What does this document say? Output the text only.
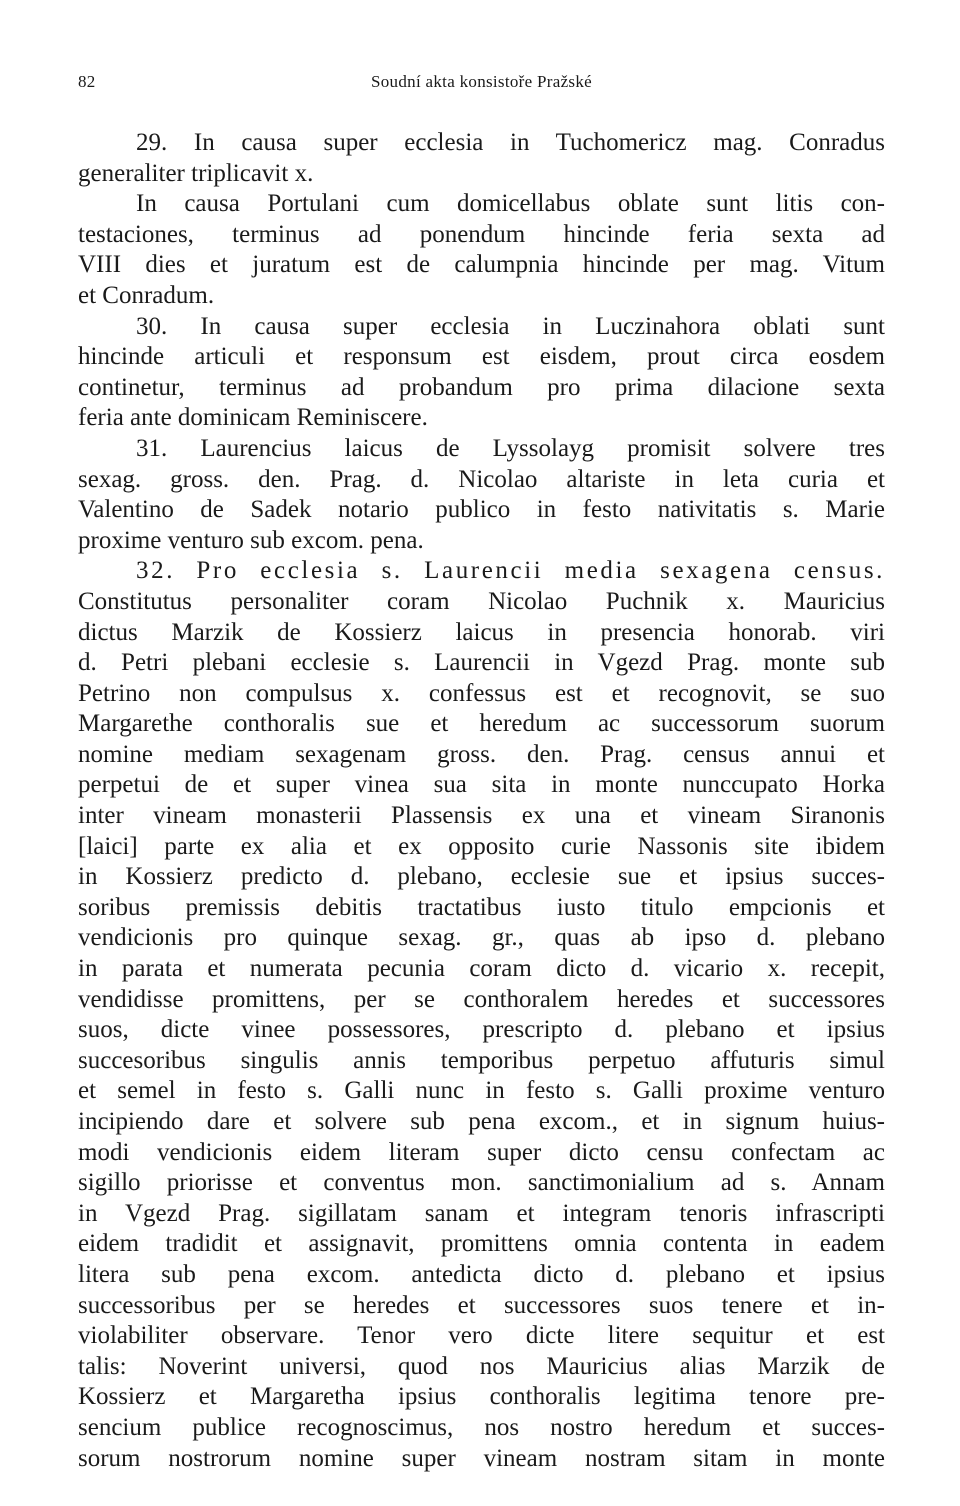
82	Soudní akta konsistoře Pražské
29. In causa super ecclesia in Tuchomericz mag. Conradus
generaliter triplicavit x.
In causa Portulani cum domicellabus oblate sunt litis con-
testaciones, terminus ad ponendum hincinde feria sexta ad
VIII dies et juratum est de calumpnia hincinde per mag. Vitum
et Conradum.
30. In causa super ecclesia in Luczinahora oblati sunt
hincinde articuli et responsum est eisdem, prout circa eosdem
continetur, terminus ad probandum pro prima dilacione sexta
feria ante dominicam Reminiscere.
31. Laurencius laicus de Lyssolayg promisit solvere tres
sexag. gross. den. Prag. d. Nicolao altariste in leta curia et
Valentino de Sadek notario publico in festo nativitatis s. Marie
proxime venturo sub excom. pena.
32. Pro ecclesia s. Laurencii media sexagena census.
Constitutus personaliter coram Nicolao Puchnik x. Mauricius
dictus Marzik de Kossierz laicus in presencia honorab. viri
d. Petri plebani ecclesie s. Laurencii in Vgezd Prag. monte sub
Petrino non compulsus x. confessus est et recognovit, se suo
Margarethe conthoralis sue et heredum ac successorum suorum
nomine mediam sexagenam gross. den. Prag. census annui et
perpetui de et super vinea sua sita in monte nunccupato Horka
inter vineam monasterii Plassensis ex una et vineam Siranonis
[laici] parte ex alia et ex opposito curie Nassonis site ibidem
in Kossierz predicto d. plebano, ecclesie sue et ipsius succes-
soribus premissis debitis tractatibus iusto titulo empcionis et
vendicionis pro quinque sexag. gr., quas ab ipso d. plebano
in parata et numerata pecunia coram dicto d. vicario x. recepit,
vendidisse promittens, per se conthoralem heredes et successores
suos, dicte vinee possessores, prescripto d. plebano et ipsius
succesoribus singulis annis temporibus perpetuo affuturis simul
et semel in festo s. Galli nunc in festo s. Galli proxime venturo
incipiendo dare et solvere sub pena excom., et in signum huius-
modi vendicionis eidem literam super dicto censu confectam ac
sigillo priorisse et conventus mon. sanctimonialium ad s. Annam
in Vgezd Prag. sigillatam sanam et integram tenoris infrascripti
eidem tradidit et assignavit, promittens omnia contenta in eadem
litera sub pena excom. antedicta dicto d. plebano et ipsius
successoribus per se heredes et successores suos tenere et in-
violabiliter observare. Tenor vero dicte litere sequitur et est
talis: Noverint universi, quod nos Mauricius alias Marzik de
Kossierz et Margaretha ipsius conthoralis legitima tenore pre-
sencium publice recognoscimus, nos nostro heredum et succes-
sorum nostrorum nomine super vineam nostram sitam in monte
